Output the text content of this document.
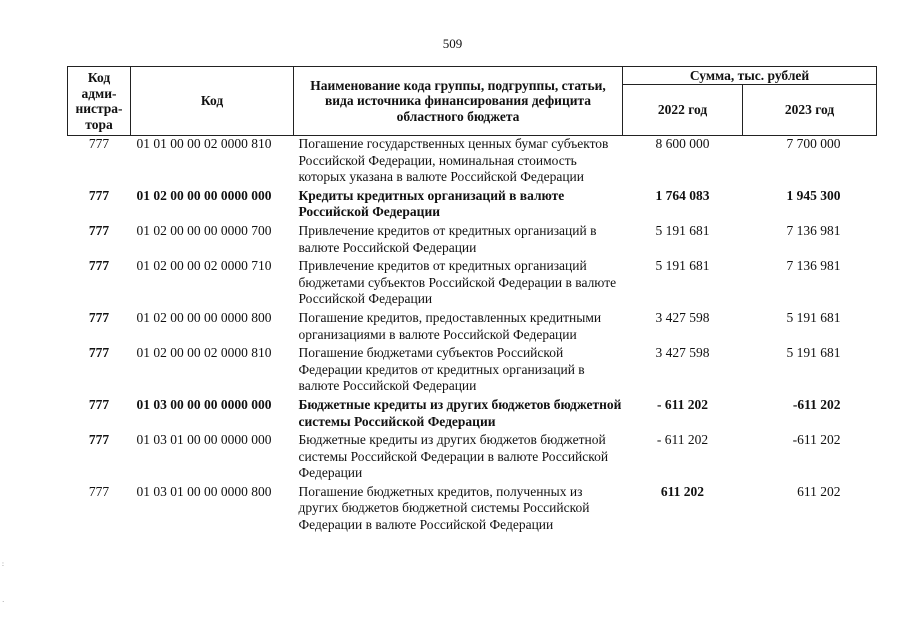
509
Код адми-нистра-тора	Код	Наименование кода группы, подгруппы, статьи, вида источника финансирования дефицита областного бюджета	Сумма, тыс. рублей	
			2022 год	2023 год
777	01 01 00 00 02 0000 810	Погашение государственных ценных бумаг субъектов Российской Федерации, номинальная стоимость которых указана в валюте Российской Федерации	8 600 000	7 700 000
777	01 02 00 00 00 0000 000	Кредиты кредитных организаций в валюте Российской Федерации	1 764 083	1 945 300
777	01 02 00 00 00 0000 700	Привлечение кредитов от кредитных организаций в валюте Российской Федерации	5 191 681	7 136 981
777	01 02 00 00 02 0000 710	Привлечение кредитов от кредитных организаций бюджетами субъектов Российской Федерации в валюте Российской Федерации	5 191 681	7 136 981
777	01 02 00 00 00 0000 800	Погашение кредитов, предоставленных кредитными организациями в валюте Российской Федерации	3 427 598	5 191 681
777	01 02 00 00 02 0000 810	Погашение бюджетами субъектов Российской Федерации кредитов от кредитных организаций в валюте Российской Федерации	3 427 598	5 191 681
777	01 03 00 00 00 0000 000	Бюджетные кредиты из других бюджетов бюджетной системы Российской Федерации	- 611 202	-611 202
777	01 03 01 00 00 0000 000	Бюджетные кредиты из других бюджетов бюджетной системы Российской Федерации в валюте Российской Федерации	- 611 202	-611 202
777	01 03 01 00 00 0000 800	Погашение бюджетных кредитов, полученных из других бюджетов бюджетной системы Российской Федерации в валюте Российской Федерации	611 202	611 202
:
·
